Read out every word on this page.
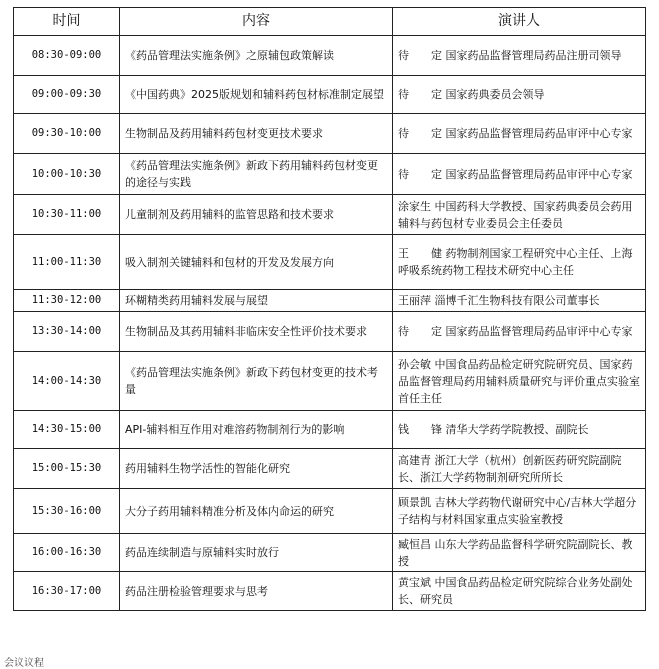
时间	内容	演讲人
08:30-09:00	《药品管理法实施条例》之原辅包政策解读	待　　定 国家药品监督管理局药品注册司领导
09:00-09:30	《中国药典》2025版规划和辅料药包材标准制定展望	待　　定 国家药典委员会领导
09:30-10:00	生物制品及药用辅料药包材变更技术要求	待　　定 国家药品监督管理局药品审评中心专家
10:00-10:30	《药品管理法实施条例》新政下药用辅料药包材变更的途径与实践	待　　定 国家药品监督管理局药品审评中心专家
10:30-11:00	儿童制剂及药用辅料的监管思路和技术要求	涂家生 中国药科大学教授、国家药典委员会药用辅料与药包材专业委员会主任委员
11:00-11:30	吸入制剂关键辅料和包材的开发及发展方向	王　　健 药物制剂国家工程研究中心主任、上海呼吸系统药物工程技术研究中心主任
11:30-12:00	环糊精类药用辅料发展与展望	王丽萍 淄博千汇生物科技有限公司董事长
13:30-14:00	生物制品及其药用辅料非临床安全性评价技术要求	待　　定 国家药品监督管理局药品审评中心专家
14:00-14:30	《药品管理法实施条例》新政下药包材变更的技术考量	孙会敏 中国食品药品检定研究院研究员、国家药品监督管理局药用辅料质量研究与评价重点实验室首任主任
14:30-15:00	API-辅料相互作用对难溶药物制剂行为的影响	钱　　锋 清华大学药学院教授、副院长
15:00-15:30	药用辅料生物学活性的智能化研究	高建青 浙江大学（杭州）创新医药研究院副院长、浙江大学药物制剂研究所所长
15:30-16:00	大分子药用辅料精准分析及体内命运的研究	顾景凯 吉林大学药物代谢研究中心/吉林大学超分子结构与材料国家重点实验室教授
16:00-16:30	药品连续制造与原辅料实时放行	臧恒昌 山东大学药品监督科学研究院副院长、教授
16:30-17:00	药品注册检验管理要求与思考	黄宝斌 中国食品药品检定研究院综合业务处副处长、研究员
会议议程
